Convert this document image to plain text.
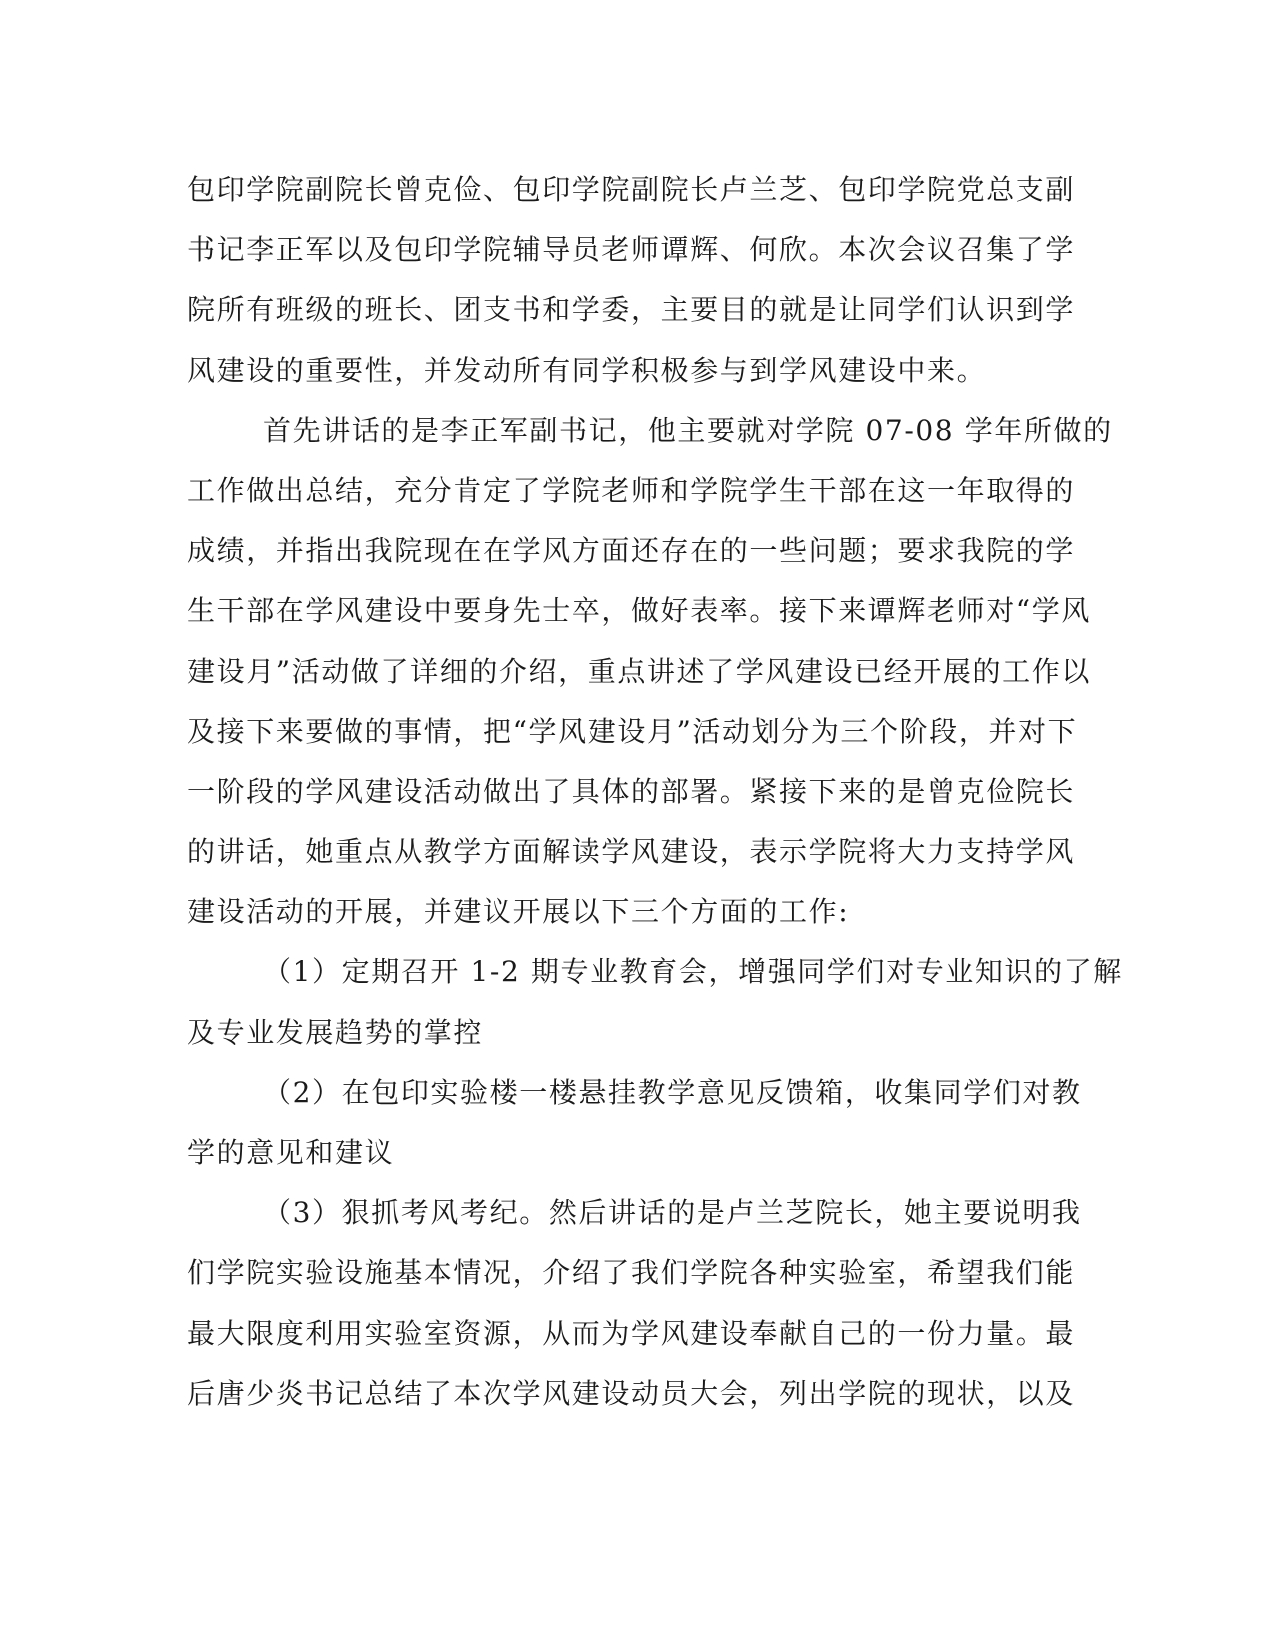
包印学院副院长曾克俭、包印学院副院长卢兰芝、包印学院党总支副
书记李正军以及包印学院辅导员老师谭辉、何欣。本次会议召集了学
院所有班级的班长、团支书和学委，主要目的就是让同学们认识到学
风建设的重要性，并发动所有同学积极参与到学风建设中来。
首先讲话的是李正军副书记，他主要就对学院 07-08 学年所做的
工作做出总结，充分肯定了学院老师和学院学生干部在这一年取得的
成绩，并指出我院现在在学风方面还存在的一些问题；要求我院的学
生干部在学风建设中要身先士卒，做好表率。接下来谭辉老师对“学风
建设月”活动做了详细的介绍，重点讲述了学风建设已经开展的工作以
及接下来要做的事情，把“学风建设月”活动划分为三个阶段，并对下
一阶段的学风建设活动做出了具体的部署。紧接下来的是曾克俭院长
的讲话，她重点从教学方面解读学风建设，表示学院将大力支持学风
建设活动的开展，并建议开展以下三个方面的工作:
（1）定期召开 1-2 期专业教育会，增强同学们对专业知识的了解
及专业发展趋势的掌控
（2）在包印实验楼一楼悬挂教学意见反馈箱，收集同学们对教
学的意见和建议
（3）狠抓考风考纪。然后讲话的是卢兰芝院长，她主要说明我
们学院实验设施基本情况，介绍了我们学院各种实验室，希望我们能
最大限度利用实验室资源，从而为学风建设奉献自己的一份力量。最
后唐少炎书记总结了本次学风建设动员大会，列出学院的现状，以及
